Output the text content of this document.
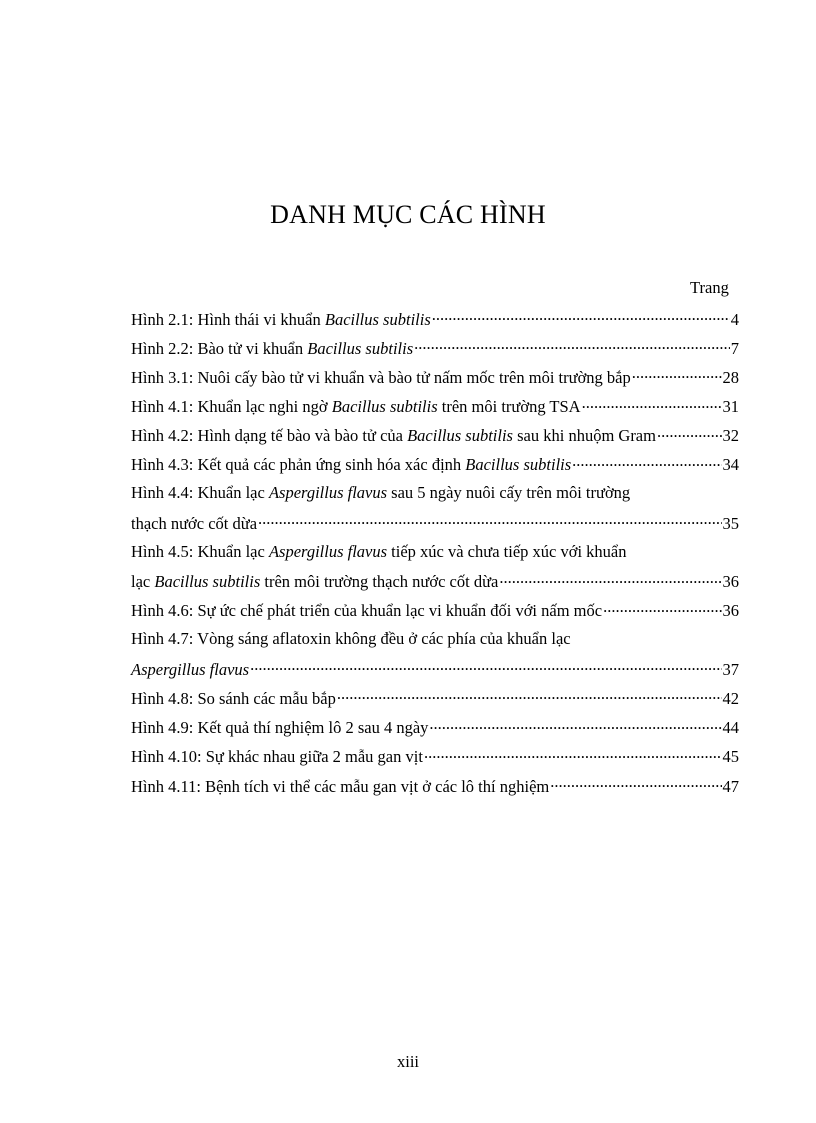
DANH MỤC CÁC HÌNH
Trang
Hình 2.1: Hình thái vi khuẩn Bacillus subtilis .....	4
Hình 2.2: Bào tử vi khuẩn Bacillus subtilis .....	7
Hình 3.1: Nuôi cấy bào tử vi khuẩn và bào tử nấm mốc trên môi trường bắp .....	28
Hình 4.1: Khuẩn lạc nghi ngờ Bacillus subtilis trên môi trường TSA .....	31
Hình 4.2: Hình dạng tế bào và bào tử của Bacillus subtilis sau khi nhuộm Gram .....	32
Hình 4.3: Kết quả các phản ứng sinh hóa xác định Bacillus subtilis .....	34
Hình 4.4: Khuẩn lạc Aspergillus flavus sau 5 ngày nuôi cấy trên môi trường
thạch nước cốt dừa .....	35
Hình 4.5: Khuẩn lạc Aspergillus flavus tiếp xúc và chưa tiếp xúc với khuẩn
lạc Bacillus subtilis trên môi trường thạch nước cốt dừa .....	36
Hình 4.6: Sự ức chế phát triển của khuẩn lạc vi khuẩn đối với nấm mốc .....	36
Hình 4.7: Vòng sáng aflatoxin không đều ở các phía của khuẩn lạc
Aspergillus flavus .....	37
Hình 4.8: So sánh các mẫu bắp .....	42
Hình 4.9: Kết quả thí nghiệm lô 2 sau 4 ngày .....	44
Hình 4.10: Sự khác nhau giữa 2 mẫu gan vịt .....	45
Hình 4.11: Bệnh tích vi thể các mẫu gan vịt ở các lô thí nghiệm .....	47
xiii
